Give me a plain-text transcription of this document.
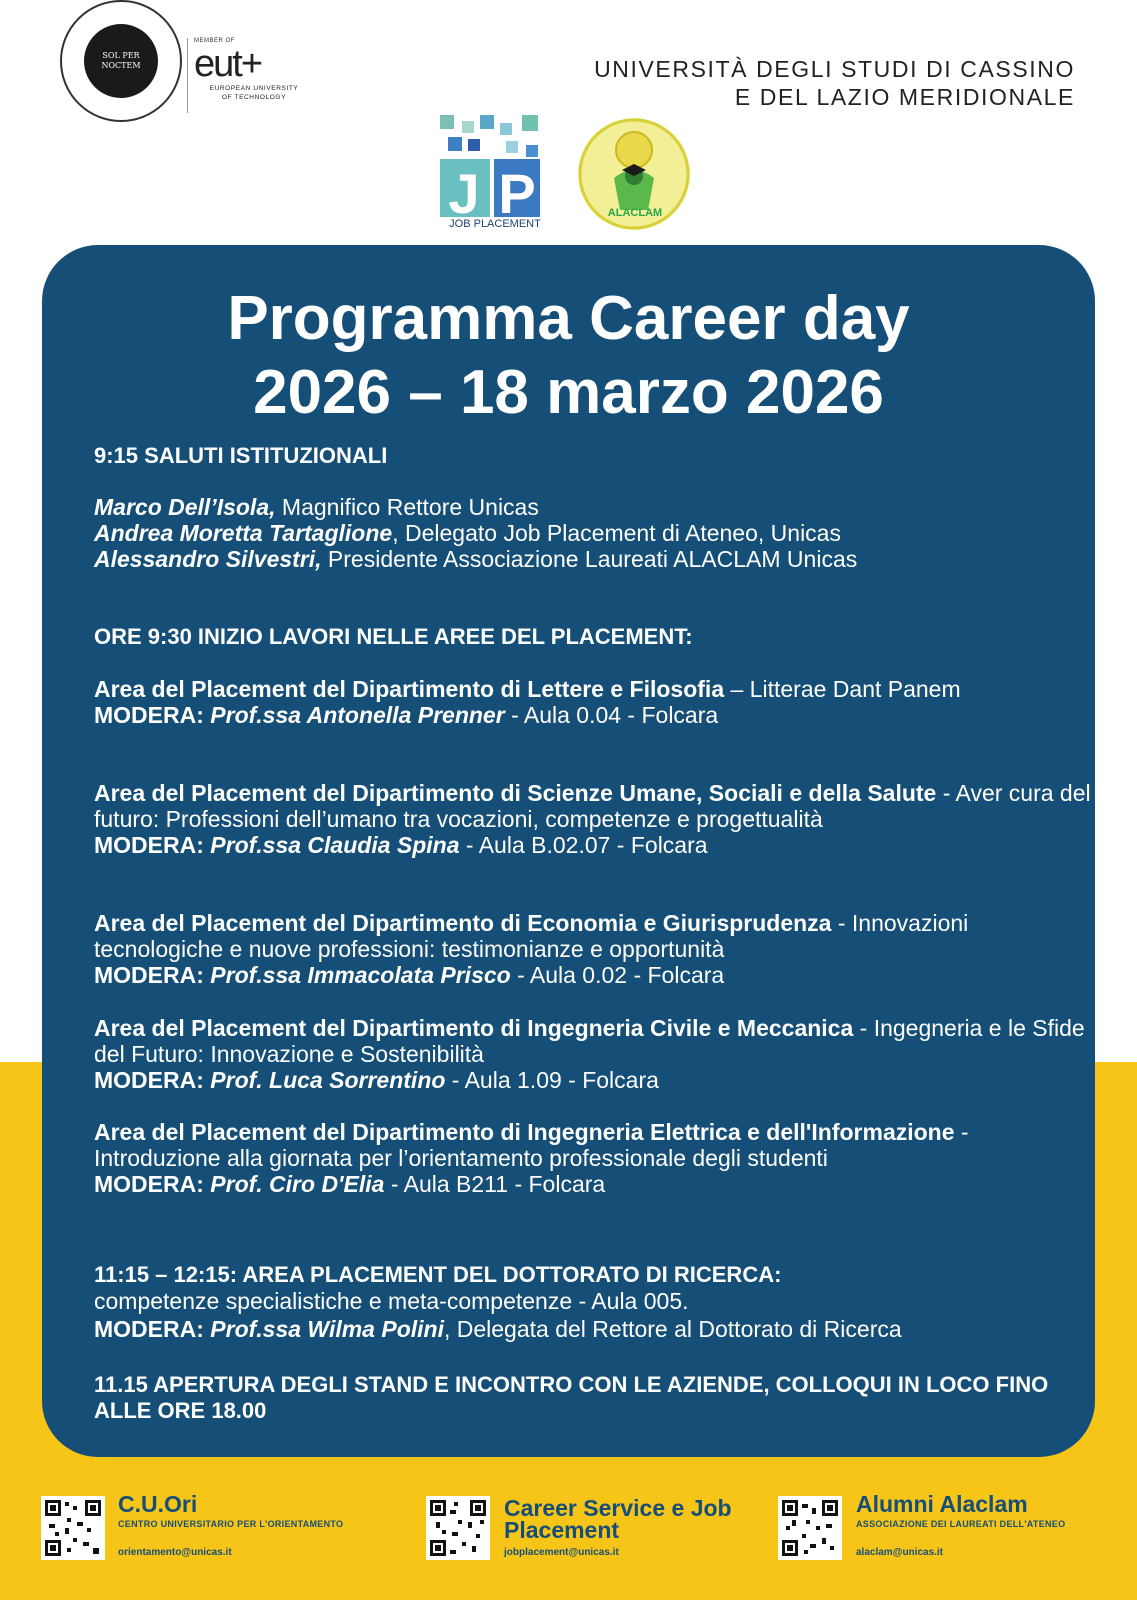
SOL PER NOCTEM
MEMBER OF
eut+
EUROPEAN UNIVERSITY
OF TECHNOLOGY
UNIVERSITÀ DEGLI STUDI DI CASSINO
E DEL LAZIO MERIDIONALE
J P
JOB PLACEMENT
ALACLAM
Programma Career day
2026 – 18 marzo 2026
9:15 SALUTI ISTITUZIONALI
Marco Dell’Isola, Magnifico Rettore Unicas
Andrea Moretta Tartaglione, Delegato Job Placement di Ateneo, Unicas
Alessandro Silvestri, Presidente Associazione Laureati ALACLAM Unicas
ORE 9:30 INIZIO LAVORI NELLE AREE DEL PLACEMENT:
Area del Placement del Dipartimento di Lettere e Filosofia – Litterae Dant Panem
MODERA: Prof.ssa Antonella Prenner - Aula 0.04 - Folcara
Area del Placement del Dipartimento di Scienze Umane, Sociali e della Salute - Aver cura del futuro: Professioni dell’umano tra vocazioni, competenze e progettualità
MODERA: Prof.ssa Claudia Spina - Aula B.02.07 - Folcara
Area del Placement del Dipartimento di Economia e Giurisprudenza - Innovazioni tecnologiche e nuove professioni: testimonianze e opportunità
MODERA: Prof.ssa Immacolata Prisco - Aula 0.02 - Folcara
Area del Placement del Dipartimento di Ingegneria Civile e Meccanica - Ingegneria e le Sfide del Futuro: Innovazione e Sostenibilità
MODERA: Prof. Luca Sorrentino - Aula 1.09 - Folcara
Area del Placement del Dipartimento di Ingegneria Elettrica e dell'Informazione - Introduzione alla giornata per l’orientamento professionale degli studenti
MODERA: Prof. Ciro D'Elia - Aula B211 - Folcara
11:15 – 12:15: AREA PLACEMENT DEL DOTTORATO DI RICERCA:
competenze specialistiche e meta-competenze - Aula 005.
MODERA: Prof.ssa Wilma Polini, Delegata del Rettore al Dottorato di Ricerca
11.15 APERTURA DEGLI STAND E INCONTRO CON LE AZIENDE, COLLOQUI IN LOCO FINO ALLE ORE 18.00
C.U.Ori
CENTRO UNIVERSITARIO PER L'ORIENTAMENTO
orientamento@unicas.it
Career Service e Job Placement
jobplacement@unicas.it
Alumni Alaclam
ASSOCIAZIONE DEI LAUREATI DELL'ATENEO
alaclam@unicas.it
